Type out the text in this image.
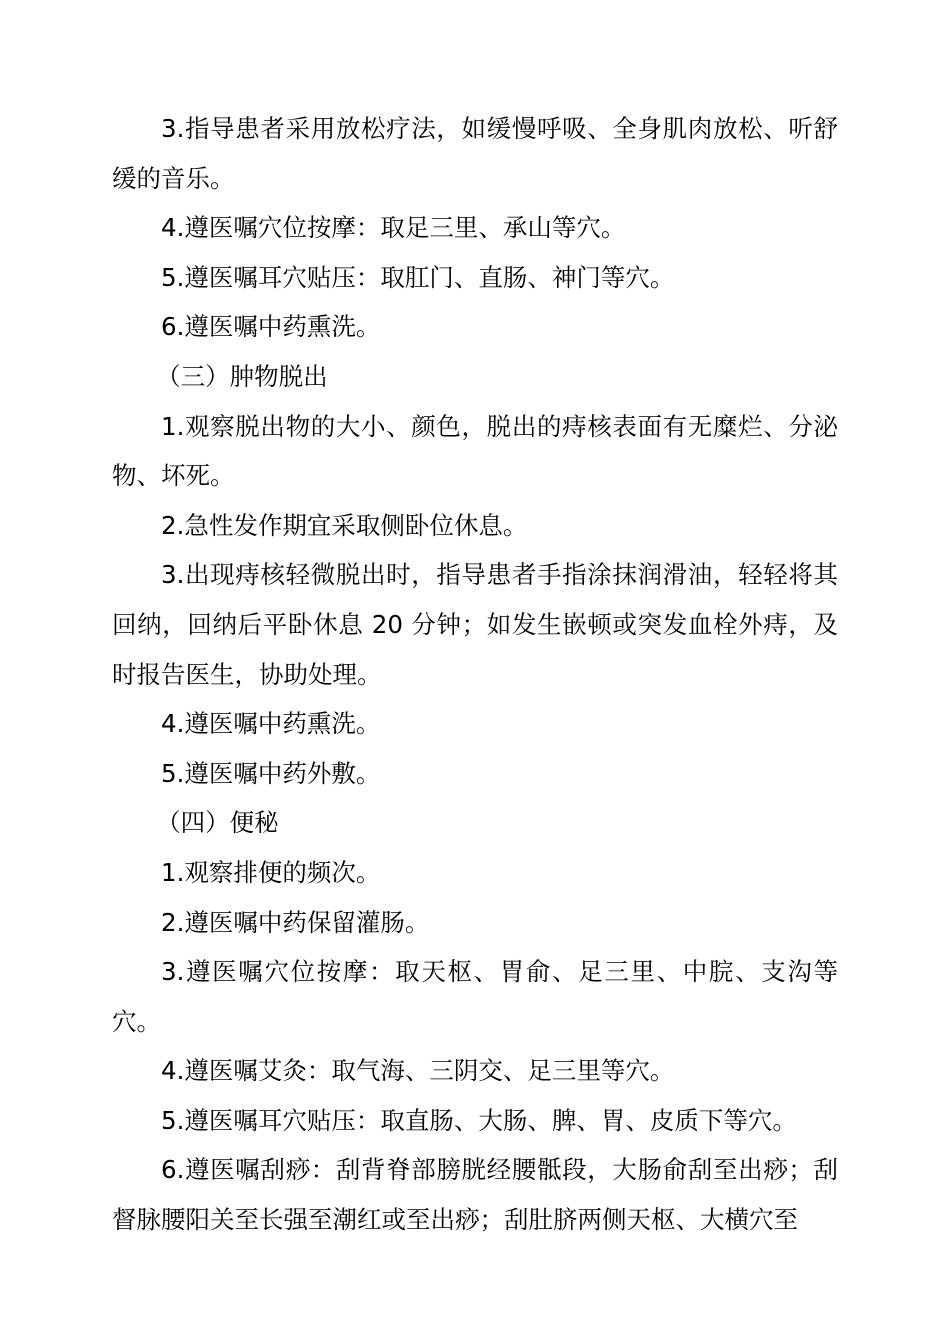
3.指导患者采用放松疗法，如缓慢呼吸、全身肌肉放松、听舒缓的音乐。

4.遵医嘱穴位按摩：取足三里、承山等穴。

5.遵医嘱耳穴贴压：取肛门、直肠、神门等穴。

6.遵医嘱中药熏洗。

（三）肿物脱出

1.观察脱出物的大小、颜色，脱出的痔核表面有无糜烂、分泌物、坏死。

2.急性发作期宜采取侧卧位休息。

3.出现痔核轻微脱出时，指导患者手指涂抹润滑油，轻轻将其回纳，回纳后平卧休息 20 分钟；如发生嵌顿或突发血栓外痔，及时报告医生，协助处理。

4.遵医嘱中药熏洗。

5.遵医嘱中药外敷。

（四）便秘

1.观察排便的频次。

2.遵医嘱中药保留灌肠。

3.遵医嘱穴位按摩：取天枢、胃俞、足三里、中脘、支沟等穴。

4.遵医嘱艾灸：取气海、三阴交、足三里等穴。

5.遵医嘱耳穴贴压：取直肠、大肠、脾、胃、皮质下等穴。

6.遵医嘱刮痧：刮背脊部膀胱经腰骶段，大肠俞刮至出痧；刮督脉腰阳关至长强至潮红或至出痧；刮肚脐两侧天枢、大横穴至
